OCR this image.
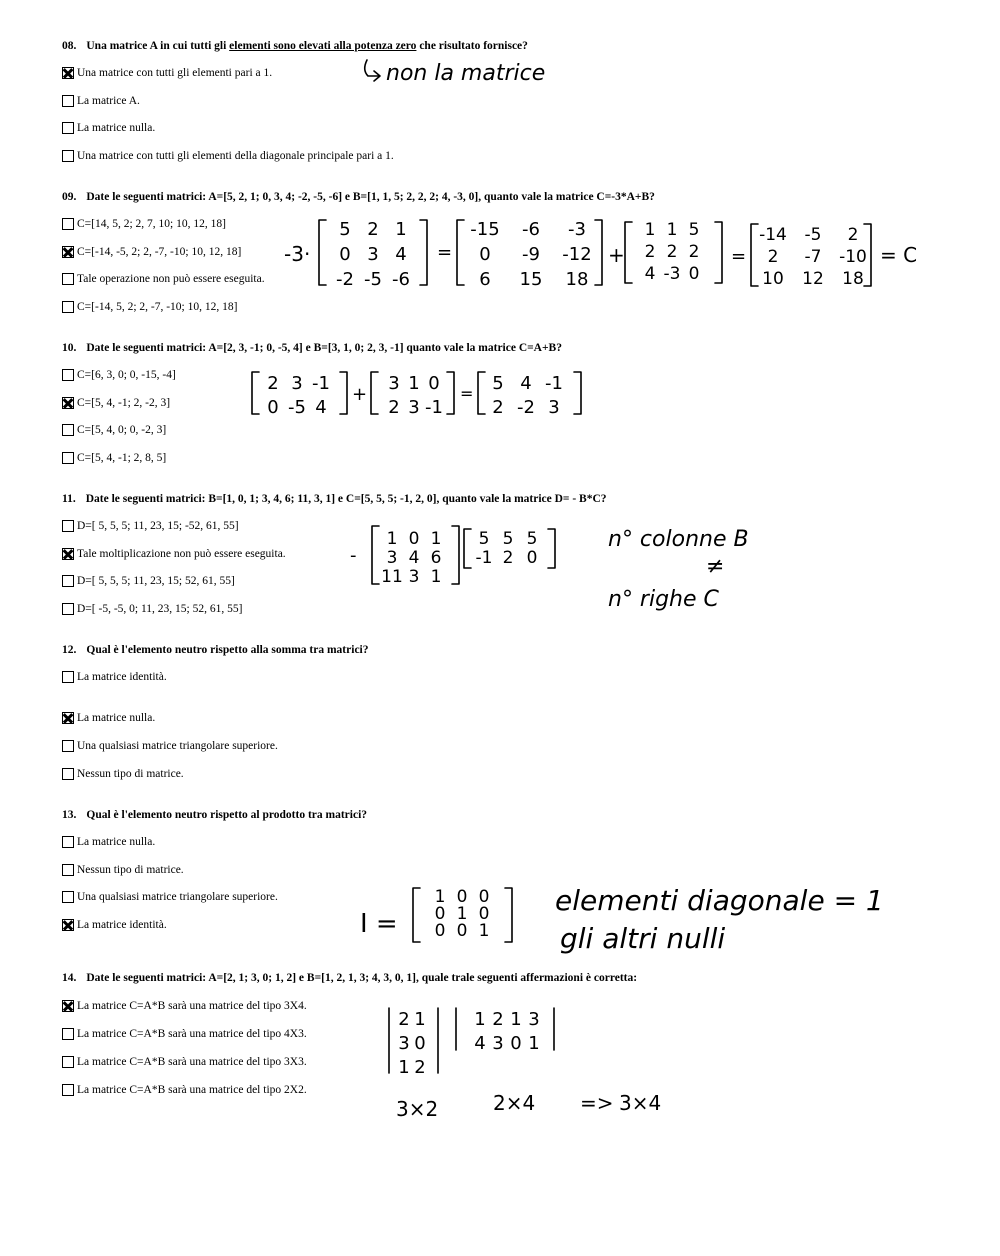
08. Una matrice A in cui tutti gli elementi sono elevati alla potenza zero che risultato fornisce?
Una matrice con tutti gli elementi pari a 1.
La matrice A.
La matrice nulla.
Una matrice con tutti gli elementi della diagonale principale pari a 1.
09. Date le seguenti matrici: A=[5, 2, 1; 0, 3, 4; -2, -5, -6] e B=[1, 1, 5; 2, 2, 2; 4, -3, 0], quanto vale la matrice C=-3*A+B?
C=[14, 5, 2; 2, 7, 10; 10, 12, 18]
C=[-14, -5, 2; 2, -7, -10; 10, 12, 18]
Tale operazione non può essere eseguita.
C=[-14, 5, 2; 2, -7, -10; 10, 12, 18]
10. Date le seguenti matrici: A=[2, 3, -1; 0, -5, 4] e B=[3, 1, 0; 2, 3, -1] quanto vale la matrice C=A+B?
C=[6, 3, 0; 0, -15, -4]
C=[5, 4, -1; 2, -2, 3]
C=[5, 4, 0; 0, -2, 3]
C=[5, 4, -1; 2, 8, 5]
11. Date le seguenti matrici: B=[1, 0, 1; 3, 4, 6; 11, 3, 1] e C=[5, 5, 5; -1, 2, 0], quanto vale la matrice D= - B*C?
D=[ 5, 5, 5; 11, 23, 15; -52, 61, 55]
Tale moltiplicazione non può essere eseguita.
D=[ 5, 5, 5; 11, 23, 15; 52, 61, 55]
D=[ -5, -5, 0; 11, 23, 15; 52, 61, 55]
12. Qual è l'elemento neutro rispetto alla somma tra matrici?
La matrice identità.
La matrice nulla.
Una qualsiasi matrice triangolare superiore.
Nessun tipo di matrice.
13. Qual è l'elemento neutro rispetto al prodotto tra matrici?
La matrice nulla.
Nessun tipo di matrice.
Una qualsiasi matrice triangolare superiore.
La matrice identità.
14. Date le seguenti matrici: A=[2, 1; 3, 0; 1, 2] e B=[1, 2, 1, 3; 4, 3, 0, 1], quale trale seguenti affermazioni è corretta:
La matrice C=A*B sarà una matrice del tipo 3X4.
La matrice C=A*B sarà una matrice del tipo 4X3.
La matrice C=A*B sarà una matrice del tipo 3X3.
La matrice C=A*B sarà una matrice del tipo 2X2.
non la matrice
-3·	=	+	=	= C
5 2 1
0 3 4
-2 -5 -6
-15 -6 -3
0 -9 -12
6 15 18
1 1 5
2 2 2
4 -3 0
-14 -5 2
2 -7 -10
10 12 18
+	=
2 3 -1
0 -5 4
3 1 0
2 3 -1
5 4 -1
2 -2 3
-
1 0 1
3 4 6
11 3 1
5 5 5
-1 2 0
n° colonne B
≠
n° righe C
I =
1 0 0
0 1 0
0 0 1
elementi diagonale = 1
gli altri nulli
2 1
3 0
1 2
1 2 1 3
4 3 0 1
3×2	2×4 => 3×4
